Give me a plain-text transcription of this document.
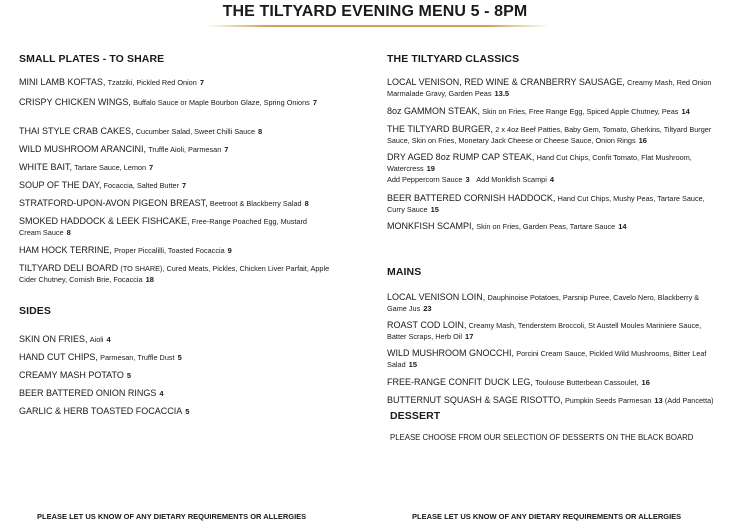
THE TILTYARD EVENING MENU 5 - 8PM
SMALL PLATES - TO SHARE
MINI LAMB KOFTAS, Tzatziki, Pickled Red Onion 7
CRISPY CHICKEN WINGS, Buffalo Sauce or Maple Bourbon Glaze, Spring Onions 7
THAI STYLE CRAB CAKES, Cucumber Salad, Sweet Chilli Sauce 8
WILD MUSHROOM ARANCINI, Truffle Aioli, Parmesan 7
WHITE BAIT, Tartare Sauce, Lemon 7
SOUP OF THE DAY, Focaccia, Salted Butter 7
STRATFORD-UPON-AVON PIGEON BREAST, Beetroot & Blackberry Salad 8
SMOKED HADDOCK & LEEK FISHCAKE, Free-Range Poached Egg, Mustard Cream Sauce 8
HAM HOCK TERRINE, Proper Piccalilli, Toasted Focaccia 9
TILTYARD DELI BOARD (TO SHARE), Cured Meats, Pickles, Chicken Liver Parfait, Apple Cider Chutney, Cornish Brie, Focaccia 18
SIDES
SKIN ON FRIES, Aioli 4
HAND CUT CHIPS, Parmesan, Truffle Dust 5
CREAMY MASH POTATO 5
BEER BATTERED ONION RINGS 4
GARLIC & HERB TOASTED FOCACCIA 5
THE TILTYARD CLASSICS
LOCAL VENISON, RED WINE & CRANBERRY SAUSAGE, Creamy Mash, Red Onion Marmalade Gravy, Garden Peas 13.5
8oz GAMMON STEAK, Skin on Fries, Free Range Egg, Spiced Apple Chutney, Peas 14
THE TILTYARD BURGER, 2 x 4oz Beef Patties, Baby Gem, Tomato, Gherkins, Tiltyard Burger Sauce, Skin on Fries, Monetary Jack Cheese or Cheese Sauce, Onion Rings 16
DRY AGED 8oz RUMP CAP STEAK, Hand Cut Chips, Confit Tomato, Flat Mushroom, Watercress 19
Add Peppercorn Sauce 3 Add Monkfish Scampi 4
BEER BATTERED CORNISH HADDOCK, Hand Cut Chips, Mushy Peas, Tartare Sauce, Curry Sauce 15
MONKFISH SCAMPI, Skin on Fries, Garden Peas, Tartare Sauce 14
MAINS
LOCAL VENISON LOIN, Dauphinoise Potatoes, Parsnip Puree, Cavelo Nero, Blackberry & Game Jus 23
ROAST COD LOIN, Creamy Mash, Tenderstem Broccoli, St Austell Moules Mariniere Sauce, Batter Scraps, Herb Oil 17
WILD MUSHROOM GNOCCHI, Porcini Cream Sauce, Pickled Wild Mushrooms, Bitter Leaf Salad 15
FREE-RANGE CONFIT DUCK LEG, Toulouse Butterbean Cassoulet, 16
BUTTERNUT SQUASH & SAGE RISOTTO, Pumpkin Seeds Parmesan 13 (Add Pancetta)
DESSERT
PLEASE CHOOSE FROM OUR SELECTION OF DESSERTS ON THE BLACK BOARD
PLEASE LET US KNOW OF ANY DIETARY REQUIREMENTS OR ALLERGIES	PLEASE LET US KNOW OF ANY DIETARY REQUIREMENTS OR ALLERGIES
